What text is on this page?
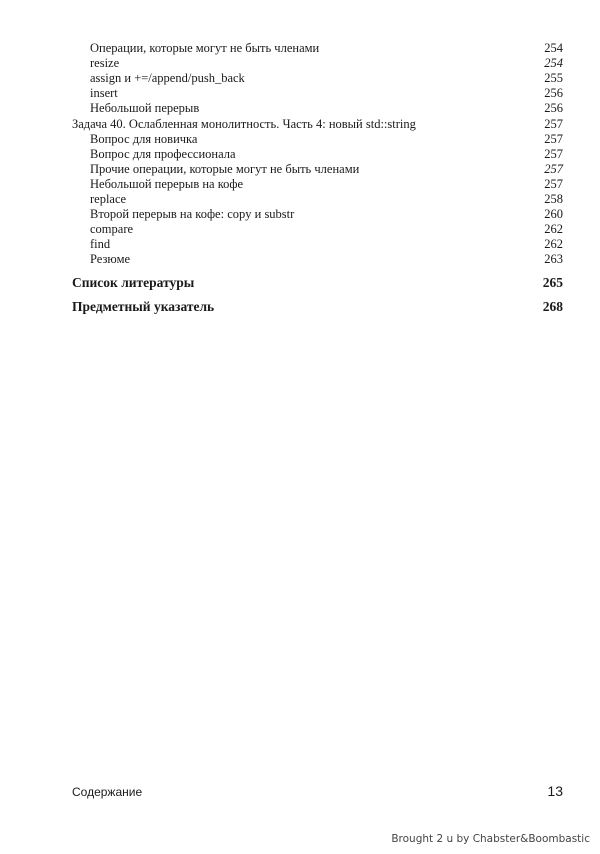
Операции, которые могут не быть членами	254
resize	254
assign и +=/append/push_back	255
insert	256
Небольшой перерыв	256
Задача 40. Ослабленная монолитность. Часть 4: новый std::string	257
Вопрос для новичка	257
Вопрос для профессионала	257
Прочие операции, которые могут не быть членами	257
Небольшой перерыв на кофе	257
replace	258
Второй перерыв на кофе: copy и substr	260
compare	262
find	262
Резюме	263
Список литературы	265
Предметный указатель	268
Содержание	13
Brought 2 u by Chabster&Boombastic
